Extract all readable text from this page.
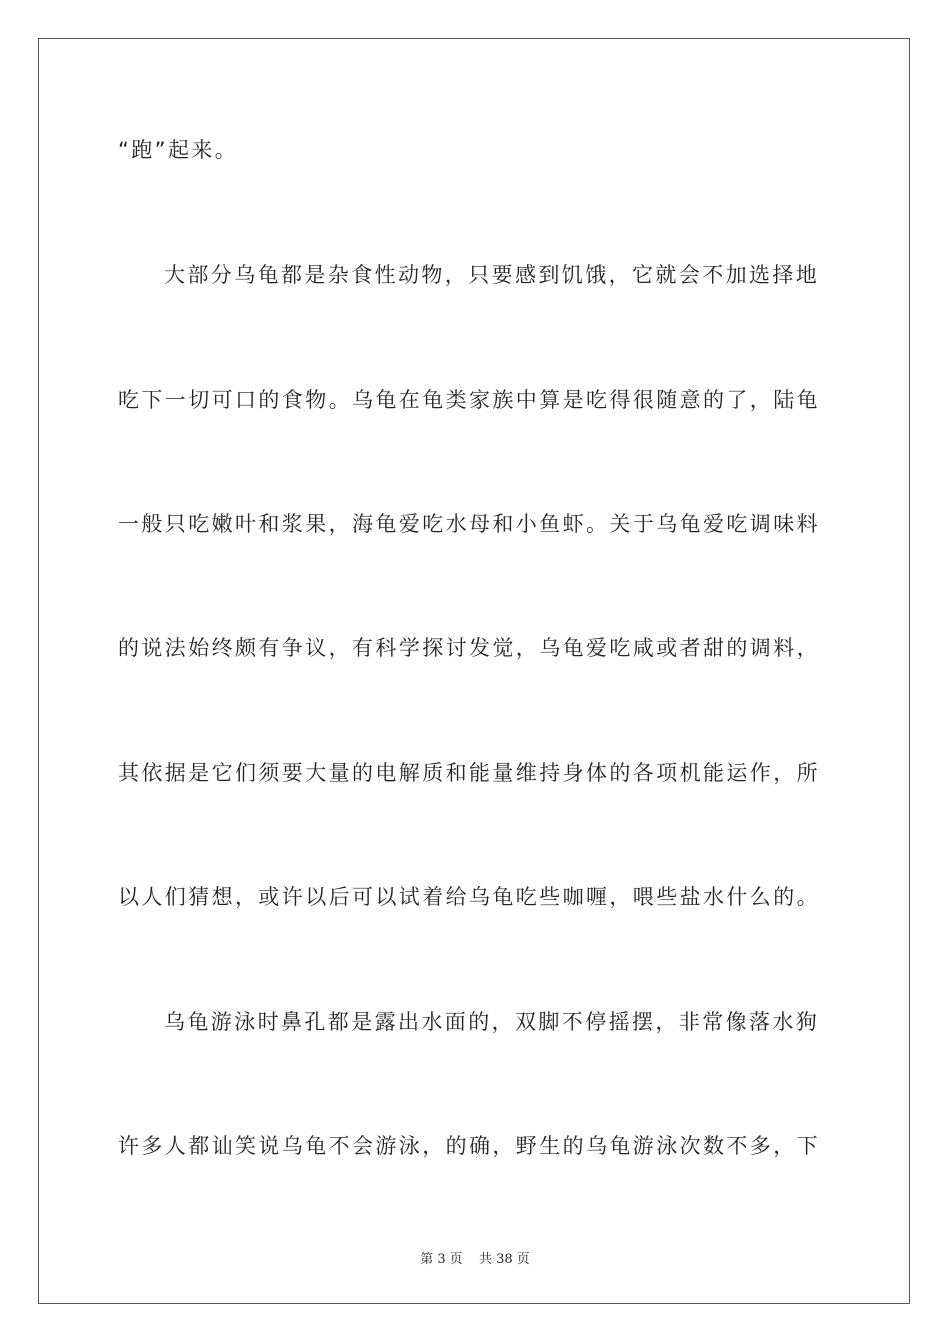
“跑”起来。
大部分乌龟都是杂食性动物，只要感到饥饿，它就会不加选择地
吃下一切可口的食物。乌龟在龟类家族中算是吃得很随意的了，陆龟
一般只吃嫩叶和浆果，海龟爱吃水母和小鱼虾。关于乌龟爱吃调味料
的说法始终颇有争议，有科学探讨发觉，乌龟爱吃咸或者甜的调料，
其依据是它们须要大量的电解质和能量维持身体的各项机能运作，所
以人们猜想，或许以后可以试着给乌龟吃些咖喱，喂些盐水什么的。
乌龟游泳时鼻孔都是露出水面的，双脚不停摇摆，非常像落水狗
许多人都讪笑说乌龟不会游泳，的确，野生的乌龟游泳次数不多，下
第 3 页 共 38 页
